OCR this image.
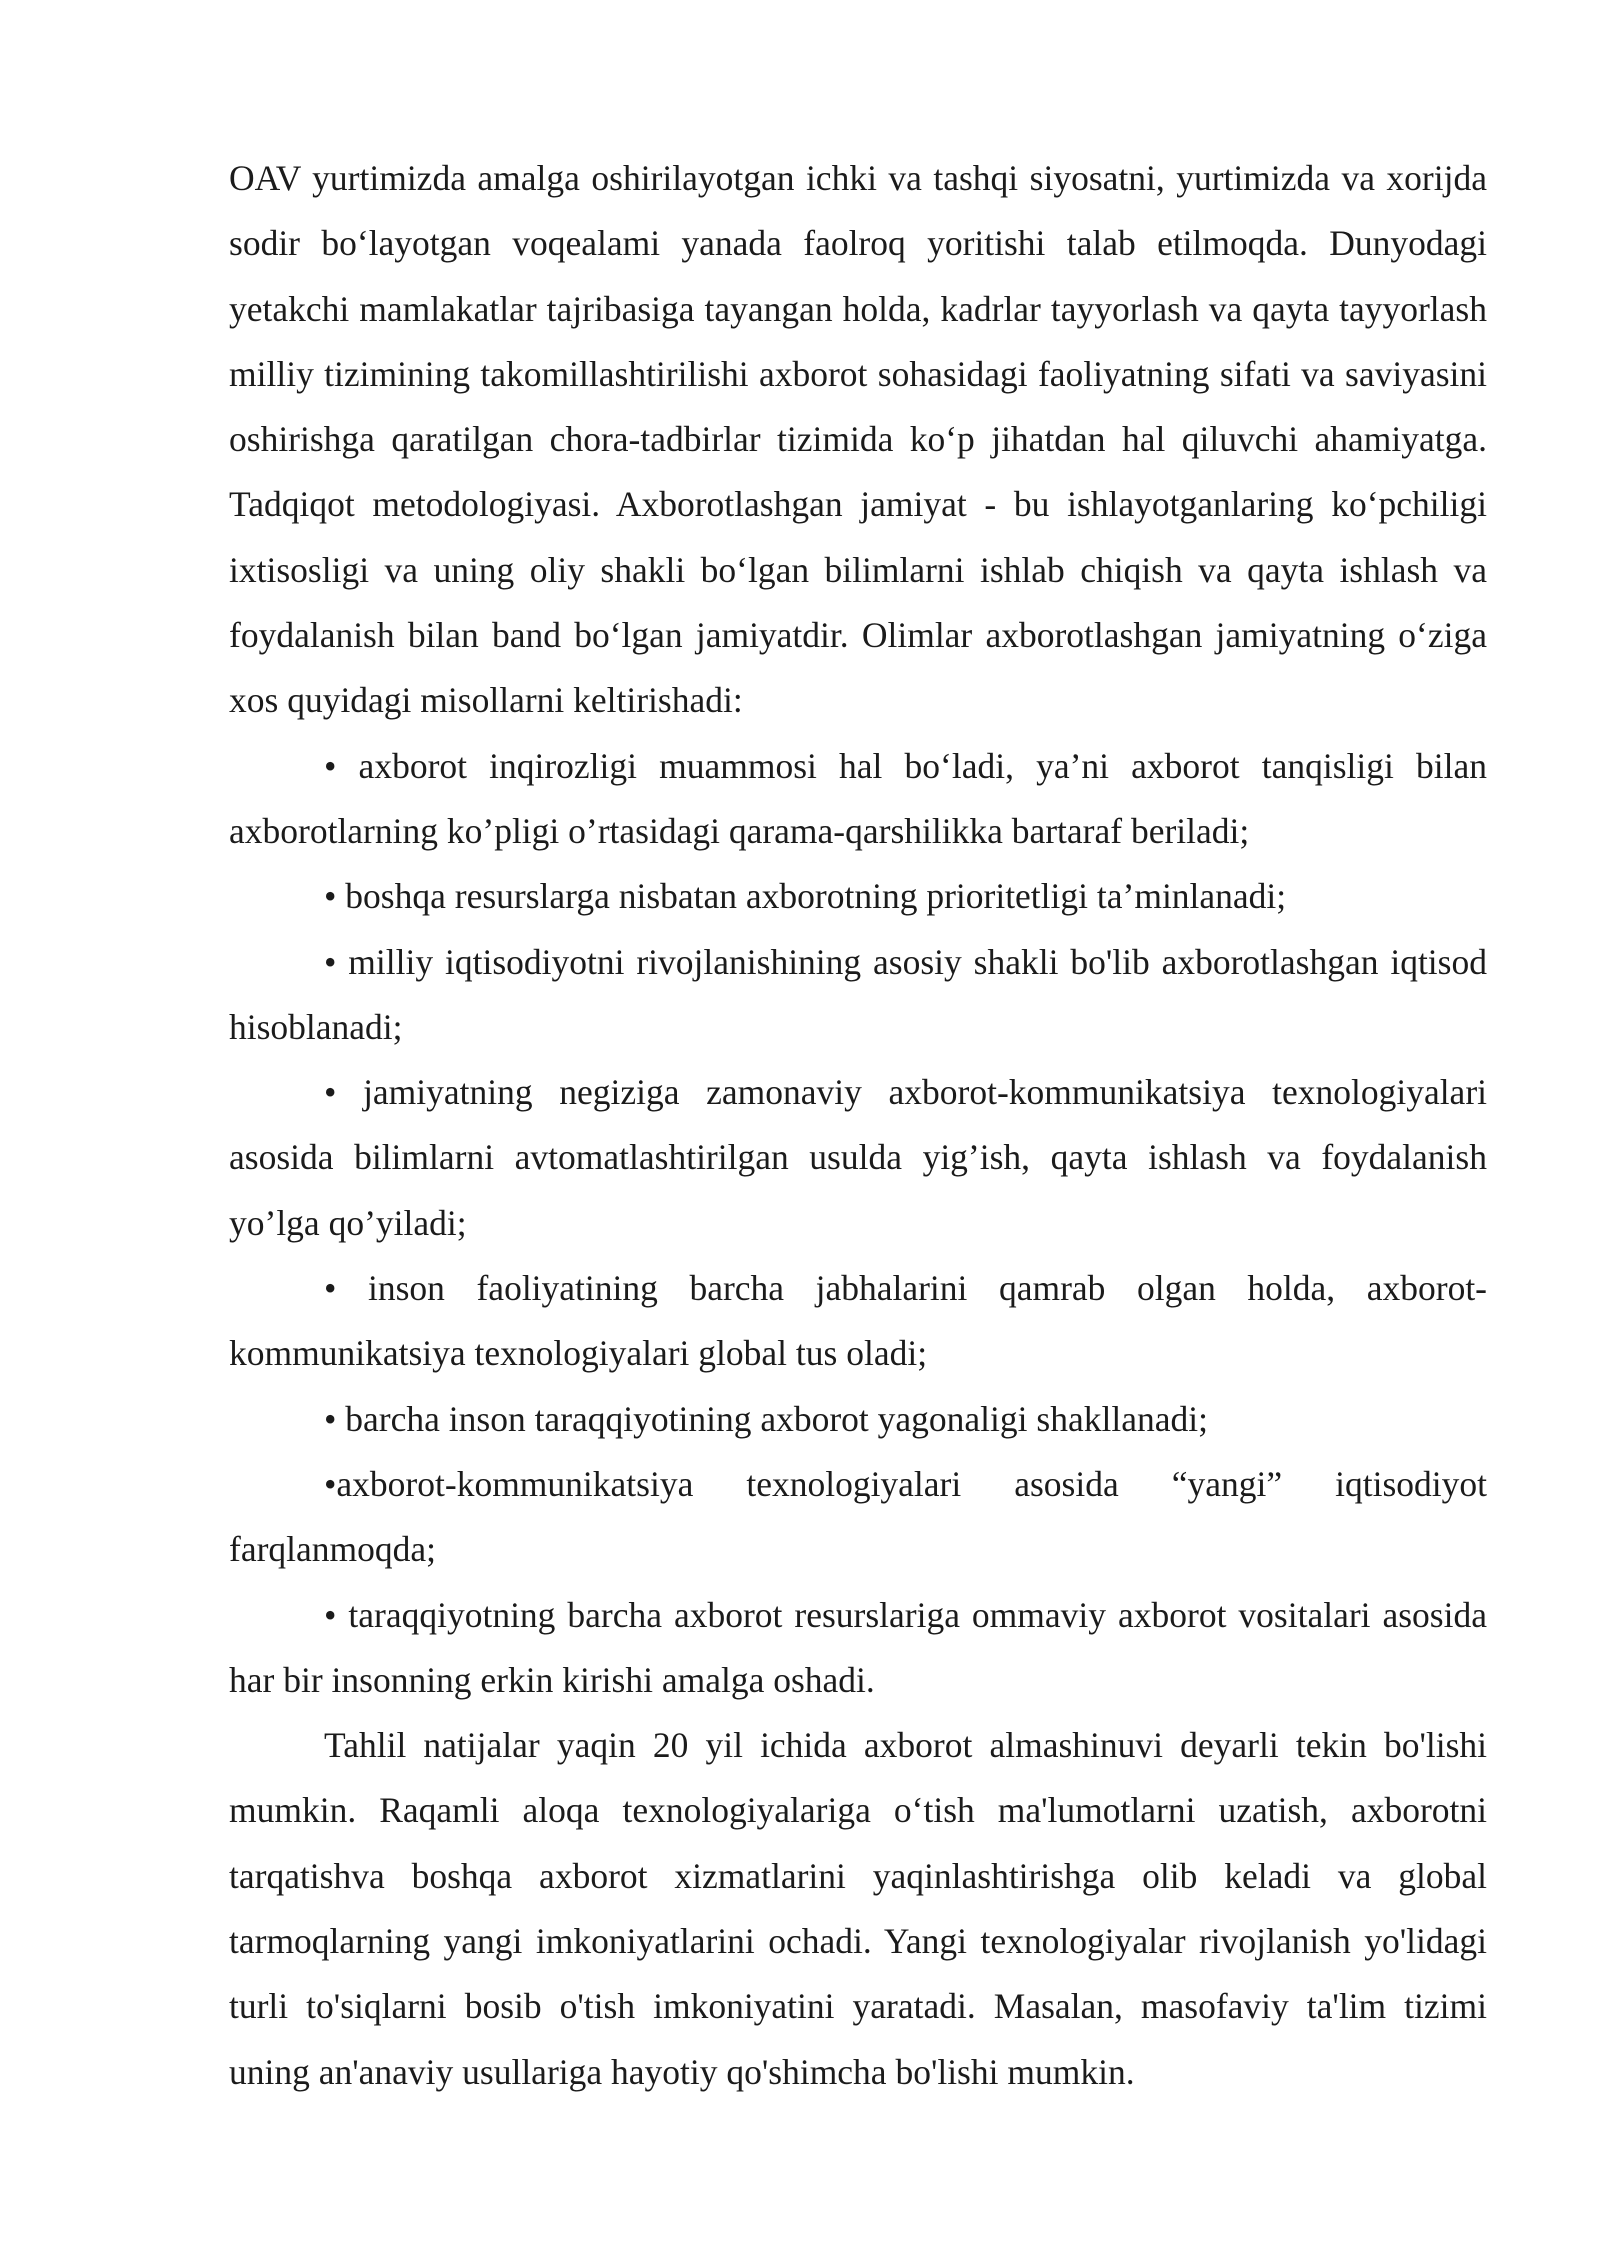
OAV yurtimizda amalga oshirilayotgan ichki va tashqi siyosatni, yurtimizda va xorijda sodir bo‘layotgan voqealami yanada faolroq yoritishi talab etilmoqda. Dunyodagi yetakchi mamlakatlar tajribasiga tayangan holda, kadrlar tayyorlash va qayta tayyorlash milliy tizimining takomillashtirilishi axborot sohasidagi faoliyatning sifati va saviyasini oshirishga qaratilgan chora-tadbirlar tizimida ko‘p jihatdan hal qiluvchi ahamiyatga. Tadqiqot metodologiyasi. Axborotlashgan jamiyat - bu ishlayotganlaring ko‘pchiligi ixtisosligi va uning oliy shakli bo‘lgan bilimlarni ishlab chiqish va qayta ishlash va foydalanish bilan band bo‘lgan jamiyatdir. Olimlar axborotlashgan jamiyatning o‘ziga xos quyidagi misollarni keltirishadi:

• axborot inqirozligi muammosi hal bo‘ladi, ya’ni axborot tanqisligi bilan axborotlarning ko’pligi o’rtasidagi qarama-qarshilikka bartaraf beriladi;

• boshqa resurslarga nisbatan axborotning prioritetligi ta’minlanadi;

• milliy iqtisodiyotni rivojlanishining asosiy shakli bo'lib axborotlashgan iqtisod hisoblanadi;

• jamiyatning negiziga zamonaviy axborot-kommunikatsiya texnologiyalari asosida bilimlarni avtomatlashtirilgan usulda yig’ish, qayta ishlash va foydalanish yo’lga qo’yiladi;

• inson faoliyatining barcha jabhalarini qamrab olgan holda, axborot-kommunikatsiya texnologiyalari global tus oladi;

• barcha inson taraqqiyotining axborot yagonaligi shakllanadi;

•axborot-kommunikatsiya texnologiyalari asosida “yangi” iqtisodiyot farqlanmoqda;

• taraqqiyotning barcha axborot resurslariga ommaviy axborot vositalari asosida har bir insonning erkin kirishi amalga oshadi.

Tahlil natijalar yaqin 20 yil ichida axborot almashinuvi deyarli tekin bo'lishi mumkin. Raqamli aloqa texnologiyalariga o‘tish ma'lumotlarni uzatish, axborotni tarqatishva boshqa axborot xizmatlarini yaqinlashtirishga olib keladi va global tarmoqlarning yangi imkoniyatlarini ochadi. Yangi texnologiyalar rivojlanish yo'lidagi turli to'siqlarni bosib o'tish imkoniyatini yaratadi. Masalan, masofaviy ta'lim tizimi uning an'anaviy usullariga hayotiy qo'shimcha bo'lishi mumkin.
